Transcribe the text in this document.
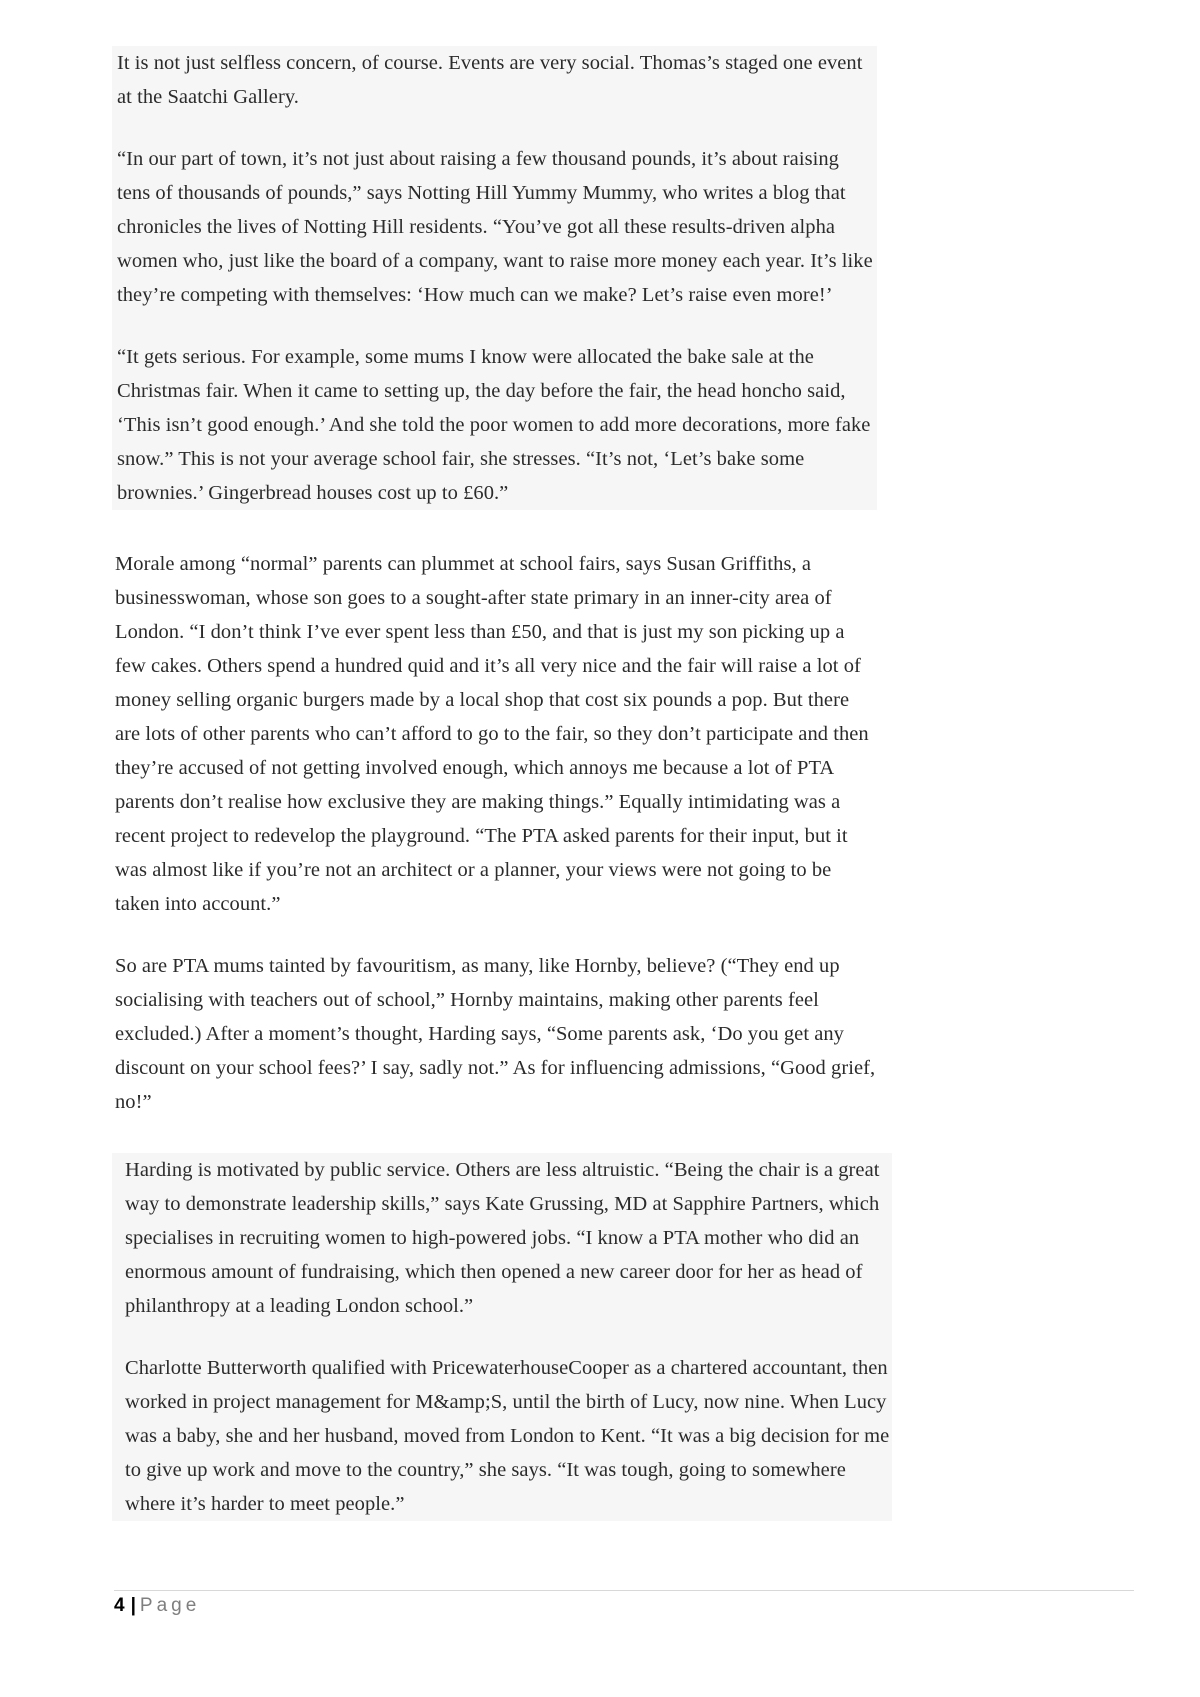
It is not just selfless concern, of course. Events are very social. Thomas’s staged one event at the Saatchi Gallery.

“In our part of town, it’s not just about raising a few thousand pounds, it’s about raising tens of thousands of pounds,” says Notting Hill Yummy Mummy, who writes a blog that chronicles the lives of Notting Hill residents. “You’ve got all these results-driven alpha women who, just like the board of a company, want to raise more money each year. It’s like they’re competing with themselves: ‘How much can we make? Let’s raise even more!’

“It gets serious. For example, some mums I know were allocated the bake sale at the Christmas fair. When it came to setting up, the day before the fair, the head honcho said, ‘This isn’t good enough.’ And she told the poor women to add more decorations, more fake snow.” This is not your average school fair, she stresses. “It’s not, ‘Let’s bake some brownies.’ Gingerbread houses cost up to £60.”

Morale among “normal” parents can plummet at school fairs, says Susan Griffiths, a businesswoman, whose son goes to a sought-after state primary in an inner-city area of London. “I don’t think I’ve ever spent less than £50, and that is just my son picking up a few cakes. Others spend a hundred quid and it’s all very nice and the fair will raise a lot of money selling organic burgers made by a local shop that cost six pounds a pop. But there are lots of other parents who can’t afford to go to the fair, so they don’t participate and then they’re accused of not getting involved enough, which annoys me because a lot of PTA parents don’t realise how exclusive they are making things.” Equally intimidating was a recent project to redevelop the playground. “The PTA asked parents for their input, but it was almost like if you’re not an architect or a planner, your views were not going to be taken into account.”

So are PTA mums tainted by favouritism, as many, like Hornby, believe? (“They end up socialising with teachers out of school,” Hornby maintains, making other parents feel excluded.) After a moment’s thought, Harding says, “Some parents ask, ‘Do you get any discount on your school fees?’ I say, sadly not.” As for influencing admissions, “Good grief, no!”

Harding is motivated by public service. Others are less altruistic. “Being the chair is a great way to demonstrate leadership skills,” says Kate Grussing, MD at Sapphire Partners, which specialises in recruiting women to high-powered jobs. “I know a PTA mother who did an enormous amount of fundraising, which then opened a new career door for her as head of philanthropy at a leading London school.”

Charlotte Butterworth qualified with PricewaterhouseCooper as a chartered accountant, then worked in project management for M&amp;S, until the birth of Lucy, now nine. When Lucy was a baby, she and her husband, moved from London to Kent. “It was a big decision for me to give up work and move to the country,” she says. “It was tough, going to somewhere where it’s harder to meet people.”

4 | Page
